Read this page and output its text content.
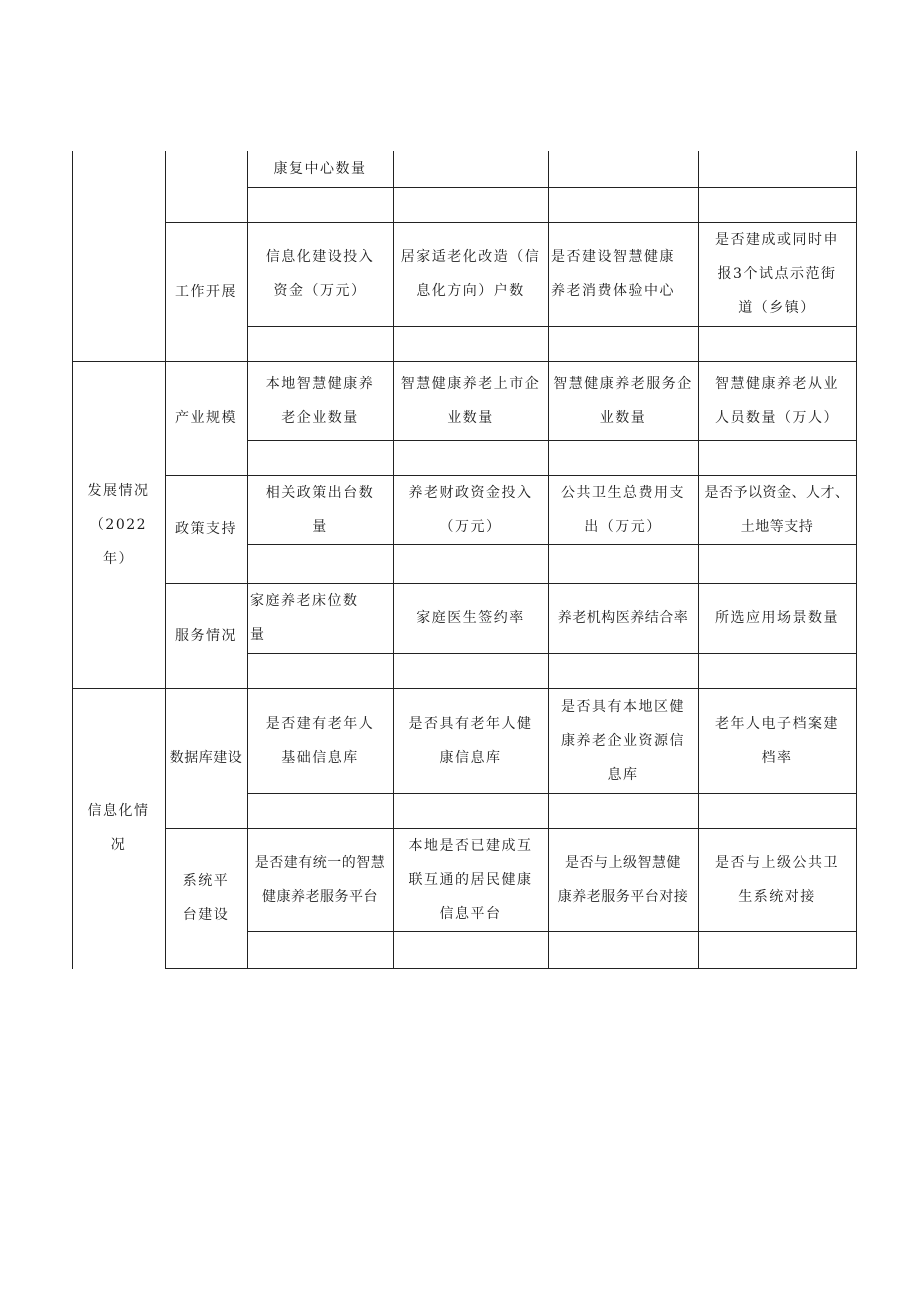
康复中心数量
工作开展
信息化建设投入
资金（万元）
居家适老化改造（信
息化方向）户数
是否建设智慧健康
养老消费体验中心
是否建成或同时申
报3个试点示范街
道（乡镇）
发展情况
（2022
年）
产业规模
本地智慧健康养
老企业数量
智慧健康养老上市企
业数量
智慧健康养老服务企
业数量
智慧健康养老从业
人员数量（万人）
政策支持
相关政策出台数
量
养老财政资金投入
（万元）
公共卫生总费用支
出（万元）
是否予以资金、人才、
土地等支持
服务情况
家庭养老床位数
量
家庭医生签约率 养老机构医养结合率 所选应用场景数量
信息化情
况
数据库建设
是否建有老年人
基础信息库
是否具有老年人健
康信息库
是否具有本地区健
康养老企业资源信
息库
老年人电子档案建
档率
系统平
台建设
是否建有统一的智慧
健康养老服务平台
本地是否已建成互
联互通的居民健康
信息平台
是否与上级智慧健
康养老服务平台对接
是否与上级公共卫
生系统对接
